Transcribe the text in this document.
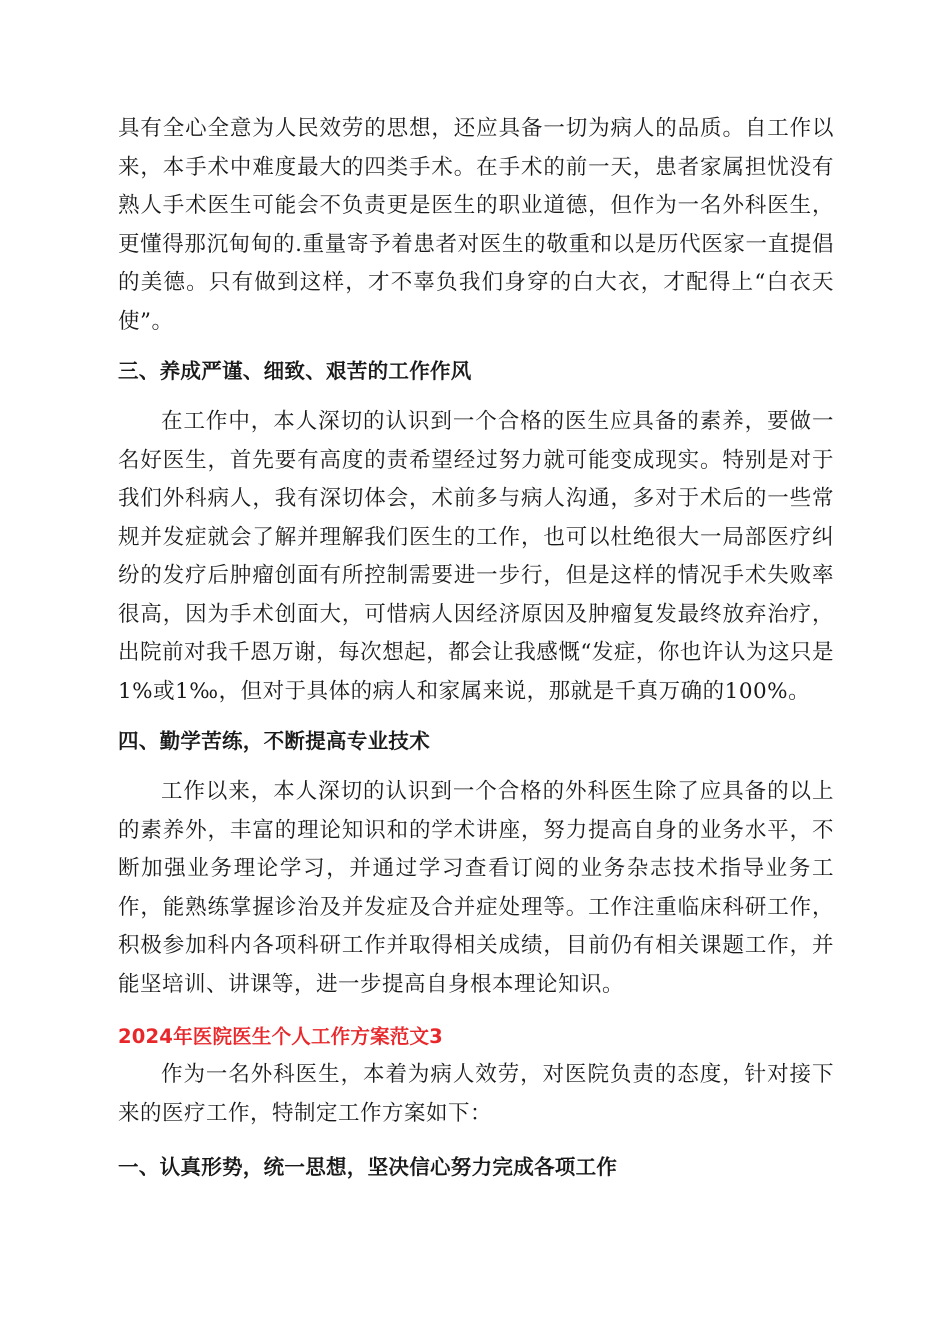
具有全心全意为人民效劳的思想，还应具备一切为病人的品质。自工作以来，本手术中难度最大的四类手术。在手术的前一天，患者家属担忧没有熟人手术医生可能会不负责更是医生的职业道德，但作为一名外科医生，更懂得那沉甸甸的.重量寄予着患者对医生的敬重和以是历代医家一直提倡的美德。只有做到这样，才不辜负我们身穿的白大衣，才配得上“白衣天使”。

三、养成严谨、细致、艰苦的工作作风

在工作中，本人深切的认识到一个合格的医生应具备的素养，要做一名好医生，首先要有高度的责希望经过努力就可能变成现实。特别是对于我们外科病人，我有深切体会，术前多与病人沟通，多对于术后的一些常规并发症就会了解并理解我们医生的工作，也可以杜绝很大一局部医疗纠纷的发疗后肿瘤创面有所控制需要进一步行，但是这样的情况手术失败率很高，因为手术创面大，可惜病人因经济原因及肿瘤复发最终放弃治疗，出院前对我千恩万谢，每次想起，都会让我感慨“发症，你也许认为这只是1%或1‰，但对于具体的病人和家属来说，那就是千真万确的100%。

四、勤学苦练，不断提高专业技术

工作以来，本人深切的认识到一个合格的外科医生除了应具备的以上的素养外，丰富的理论知识和的学术讲座，努力提高自身的业务水平，不断加强业务理论学习，并通过学习查看订阅的业务杂志技术指导业务工作，能熟练掌握诊治及并发症及合并症处理等。工作注重临床科研工作，积极参加科内各项科研工作并取得相关成绩，目前仍有相关课题工作，并能坚培训、讲课等，进一步提高自身根本理论知识。

2024年医院医生个人工作方案范文3

作为一名外科医生，本着为病人效劳，对医院负责的态度，针对接下来的医疗工作，特制定工作方案如下：

一、认真形势，统一思想，坚决信心努力完成各项工作
